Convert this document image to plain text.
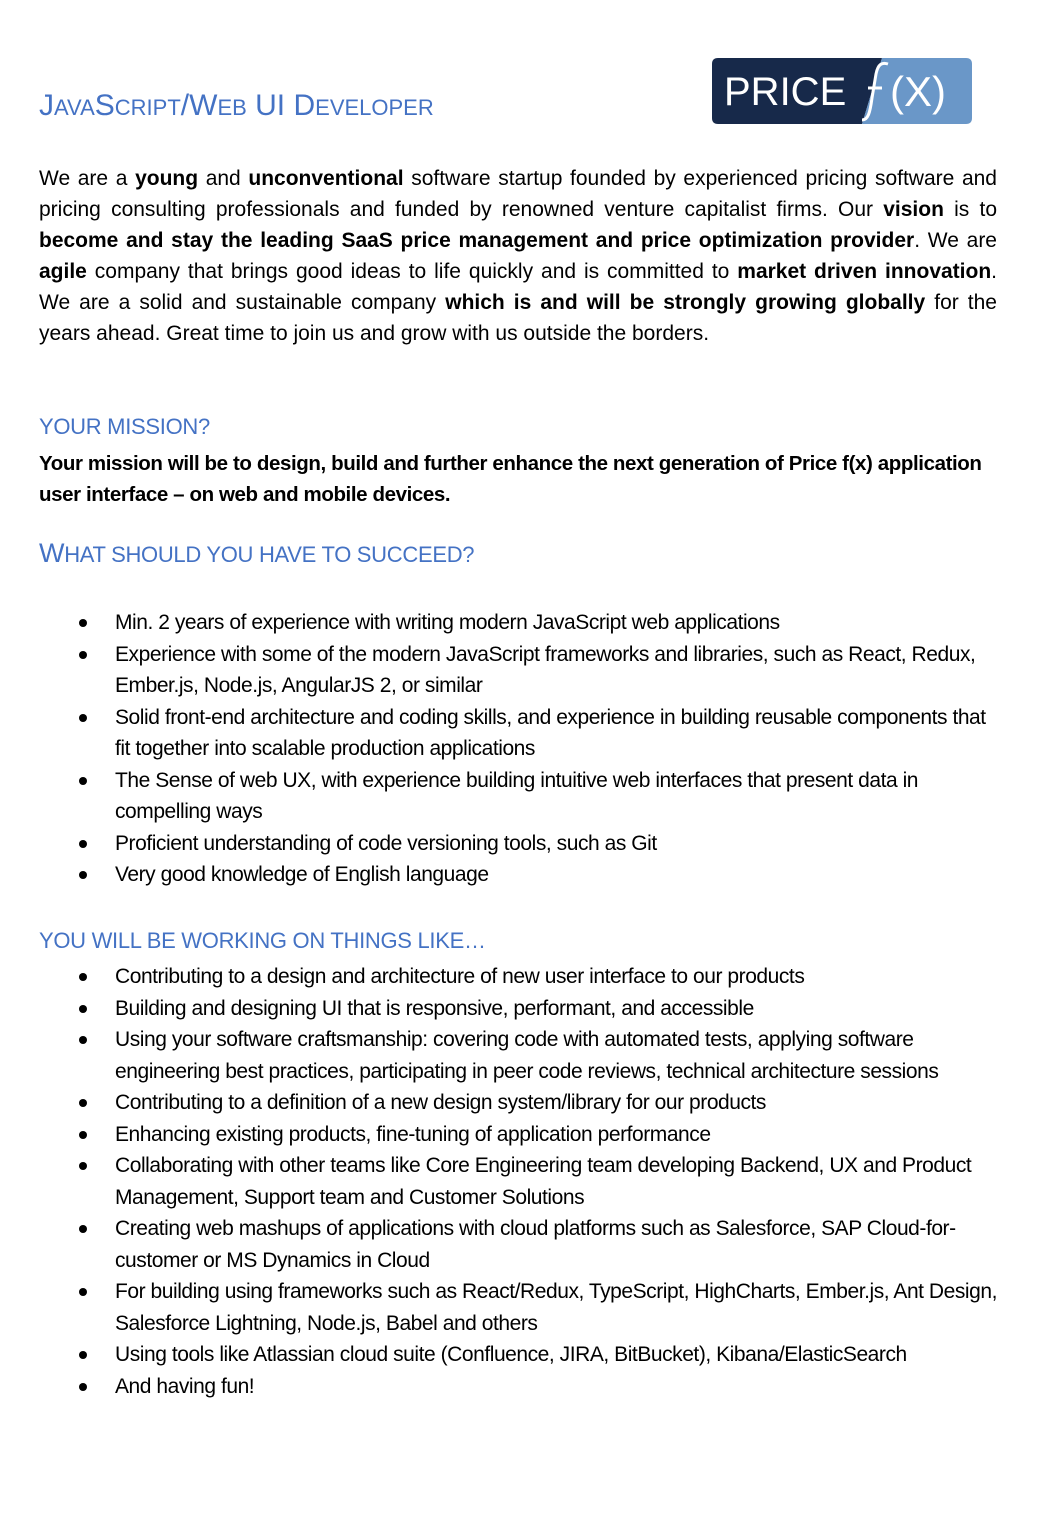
JAVASCRIPT/WEB UI DEVELOPER	PRICE (X)

We are a young and unconventional software startup founded by experienced pricing software and pricing consulting professionals and funded by renowned venture capitalist firms. Our vision is to become and stay the leading SaaS price management and price optimization provider. We are agile company that brings good ideas to life quickly and is committed to market driven innovation. We are a solid and sustainable company which is and will be strongly growing globally for the years ahead. Great time to join us and grow with us outside the borders.

YOUR MISSION?

Your mission will be to design, build and further enhance the next generation of Price f(x) application user interface – on web and mobile devices.

WHAT SHOULD YOU HAVE TO SUCCEED?
Min. 2 years of experience with writing modern JavaScript web applications
Experience with some of the modern JavaScript frameworks and libraries, such as React, Redux, Ember.js, Node.js, AngularJS 2, or similar
Solid front-end architecture and coding skills, and experience in building reusable components that fit together into scalable production applications
The Sense of web UX, with experience building intuitive web interfaces that present data in compelling ways
Proficient understanding of code versioning tools, such as Git
Very good knowledge of English language
YOU WILL BE WORKING ON THINGS LIKE…
Contributing to a design and architecture of new user interface to our products
Building and designing UI that is responsive, performant, and accessible
Using your software craftsmanship: covering code with automated tests, applying software engineering best practices, participating in peer code reviews, technical architecture sessions
Contributing to a definition of a new design system/library for our products
Enhancing existing products, fine-tuning of application performance
Collaborating with other teams like Core Engineering team developing Backend, UX and Product Management, Support team and Customer Solutions
Creating web mashups of applications with cloud platforms such as Salesforce, SAP Cloud-for-customer or MS Dynamics in Cloud
For building using frameworks such as React/Redux, TypeScript, HighCharts, Ember.js, Ant Design, Salesforce Lightning, Node.js, Babel and others
Using tools like Atlassian cloud suite (Confluence, JIRA, BitBucket), Kibana/ElasticSearch
And having fun!
